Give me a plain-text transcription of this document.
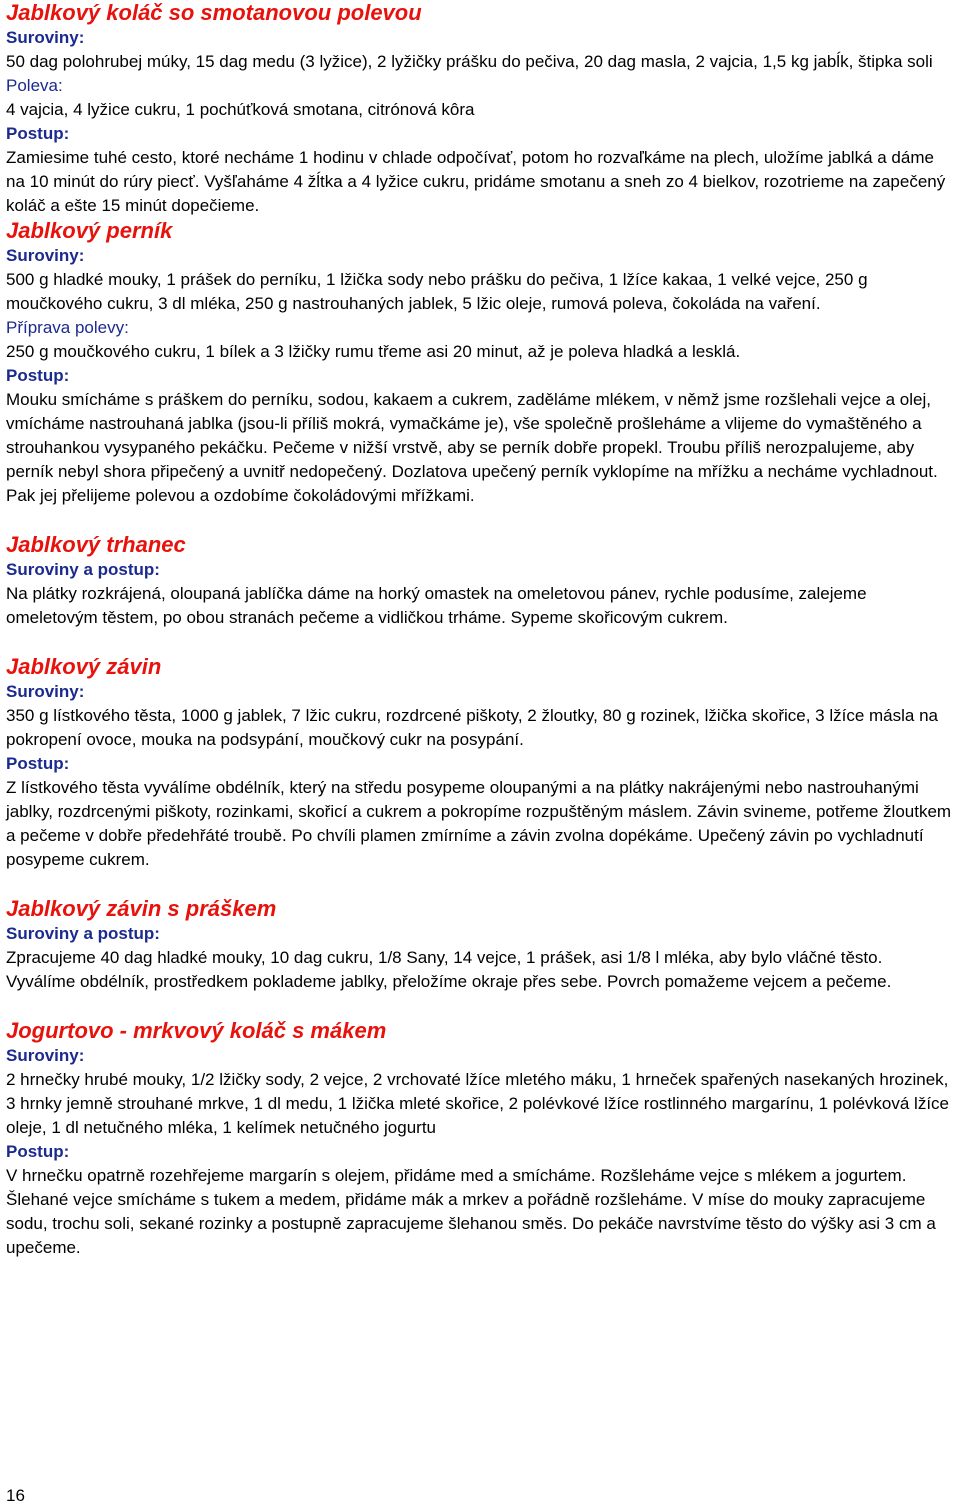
Jablkový koláč so smotanovou polevou
Suroviny:
50 dag polohrubej múky, 15 dag medu (3 lyžice), 2 lyžičky prášku do pečiva, 20 dag masla, 2 vajcia, 1,5 kg jabĺk, štipka soli
Poleva:
4 vajcia, 4 lyžice cukru, 1 pochúťková smotana, citrónová kôra
Postup:
Zamiesime tuhé cesto, ktoré necháme 1 hodinu v chlade odpočívať, potom ho rozvaľkáme na plech, uložíme jablká a dáme na 10 minút do rúry piecť. Vyšľaháme 4 žĺtka a 4 lyžice cukru, pridáme smotanu a sneh zo 4 bielkov, rozotrieme na zapečený koláč a ešte 15 minút dopečieme.
Jablkový perník
Suroviny:
500 g hladké mouky, 1 prášek do perníku, 1 lžička sody nebo prášku do pečiva, 1 lžíce kakaa, 1 velké vejce, 250 g moučkového cukru, 3 dl mléka, 250 g nastrouhaných jablek, 5 lžic oleje, rumová poleva, čokoláda na vaření.
Příprava polevy:
250 g moučkového cukru, 1 bílek a 3 lžičky rumu třeme asi 20 minut, až je poleva hladká a lesklá.
Postup:
Mouku smícháme s práškem do perníku, sodou, kakaem a cukrem, zaděláme mlékem, v němž jsme rozšlehali vejce a olej, vmícháme nastrouhaná jablka (jsou-li příliš mokrá, vymačkáme je), vše společně prošleháme a vlijeme do vymaštěného a strouhankou vysypaného pekáčku. Pečeme v nižší vrstvě, aby se perník dobře propekl. Troubu příliš nerozpalujeme, aby perník nebyl shora připečený a uvnitř nedopečený. Dozlatova upečený perník vyklopíme na mřížku a necháme vychladnout. Pak jej přelijeme polevou a ozdobíme čokoládovými mřížkami.
Jablkový trhanec
Suroviny a postup:
Na plátky rozkrájená, oloupaná jablíčka dáme na horký omastek na omeletovou pánev, rychle podusíme, zalejeme omeletovým těstem, po obou stranách pečeme a vidličkou trháme. Sypeme skořicovým cukrem.
Jablkový závin
Suroviny:
350 g lístkového těsta, 1000 g jablek, 7 lžic cukru, rozdrcené piškoty, 2 žloutky, 80 g rozinek, lžička skořice, 3 lžíce másla na pokropení ovoce, mouka na podsypání, moučkový cukr na posypání.
Postup:
Z lístkového těsta vyválíme obdélník, který na středu posypeme oloupanými a na plátky nakrájenými nebo nastrouhanými jablky, rozdrcenými piškoty, rozinkami, skořicí a cukrem a pokropíme rozpuštěným máslem. Závin svineme, potřeme žloutkem a pečeme v dobře předehřáté troubě. Po chvíli plamen zmírníme a závin zvolna dopékáme. Upečený závin po vychladnutí posypeme cukrem.
Jablkový závin s práškem
Suroviny a postup:
Zpracujeme 40 dag hladké mouky, 10 dag cukru, 1/8 Sany, 14 vejce, 1 prášek, asi 1/8 l mléka, aby bylo vláčné těsto. Vyválíme obdélník, prostředkem poklademe jablky, přeložíme okraje přes sebe. Povrch pomažeme vejcem a pečeme.
Jogurtovo - mrkvový koláč s mákem
Suroviny:
2 hrnečky hrubé mouky, 1/2 lžičky sody, 2 vejce, 2 vrchovaté lžíce mletého máku, 1 hrneček spařených nasekaných hrozinek, 3 hrnky jemně strouhané mrkve, 1 dl medu, 1 lžička mleté skořice, 2 polévkové lžíce rostlinného margarínu, 1 polévková lžíce oleje, 1 dl netučného mléka, 1 kelímek netučného jogurtu
Postup:
V hrnečku opatrně rozehřejeme margarín s olejem, přidáme med a smícháme. Rozšleháme vejce s mlékem a jogurtem. Šlehané vejce smícháme s tukem a medem, přidáme mák a mrkev a pořádně rozšleháme. V míse do mouky zapracujeme sodu, trochu soli, sekané rozinky a postupně zapracujeme šlehanou směs. Do pekáče navrstvíme těsto do výšky asi 3 cm a upečeme.
16
